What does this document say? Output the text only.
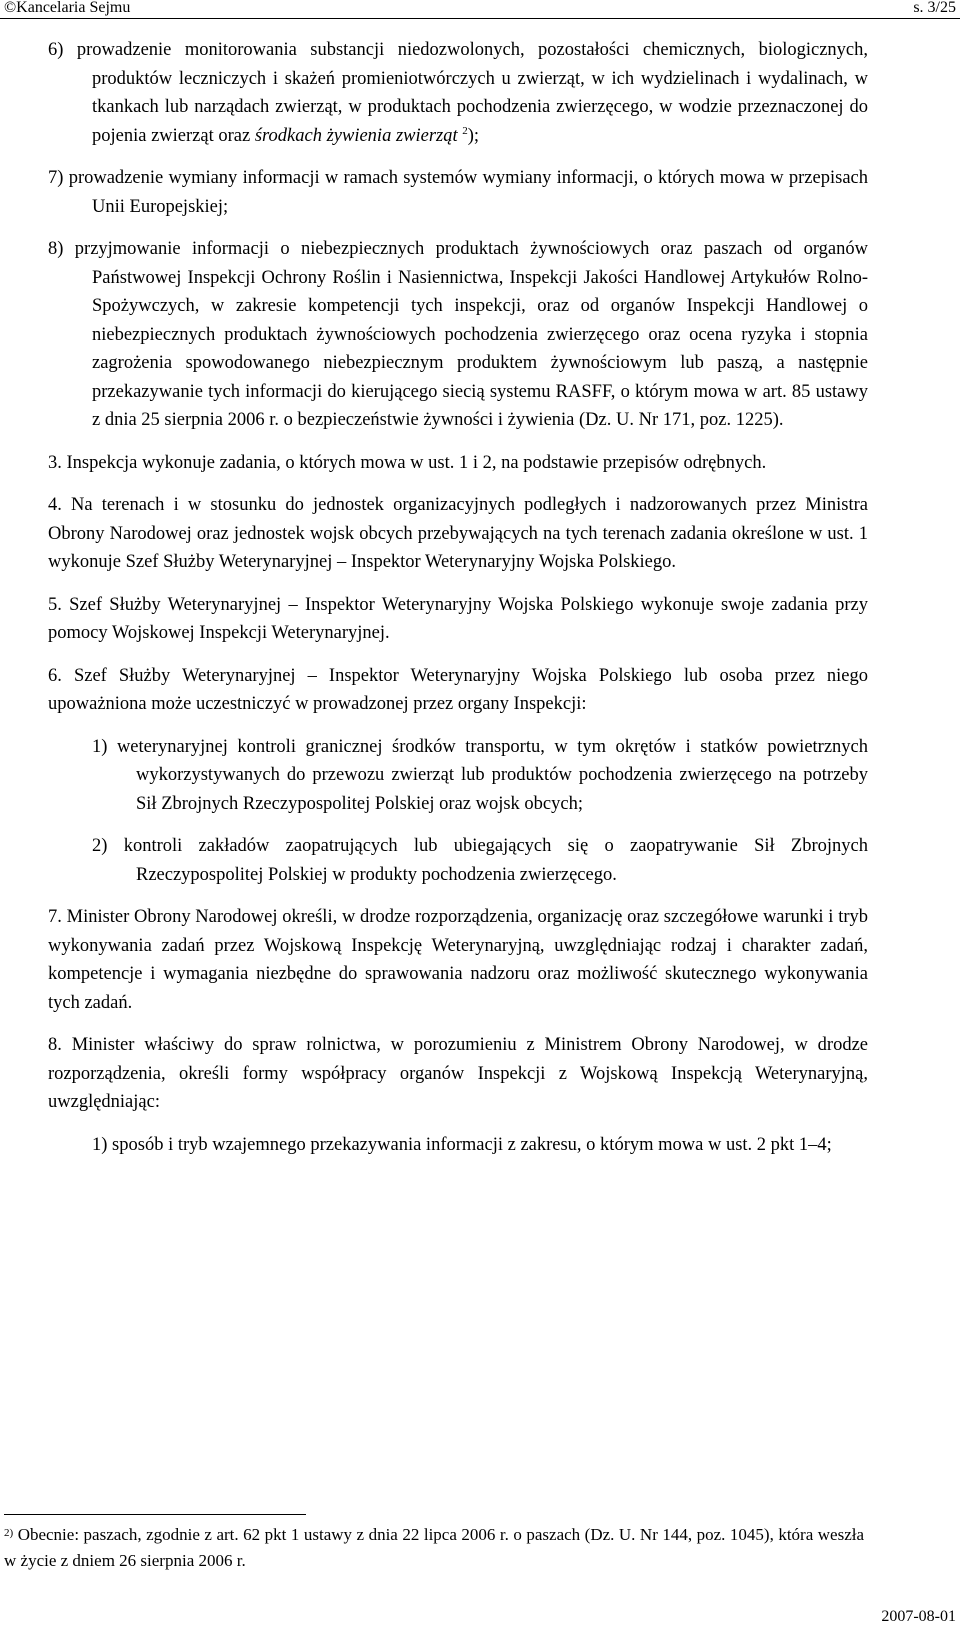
©Kancelaria Sejmu	s. 3/25

6) prowadzenie monitorowania substancji niedozwolonych, pozostałości chemicznych, biologicznych, produktów leczniczych i skażeń promieniotwórczych u zwierząt, w ich wydzielinach i wydalinach, w tkankach lub narządach zwierząt, w produktach pochodzenia zwierzęcego, w wodzie przeznaczonej do pojenia zwierząt oraz środkach żywienia zwierząt $^2$);

7) prowadzenie wymiany informacji w ramach systemów wymiany informacji, o których mowa w przepisach Unii Europejskiej;

8) przyjmowanie informacji o niebezpiecznych produktach żywnościowych oraz paszach od organów Państwowej Inspekcji Ochrony Roślin i Nasiennictwa, Inspekcji Jakości Handlowej Artykułów Rolno-Spożywczych, w zakresie kompetencji tych inspekcji, oraz od organów Inspekcji Handlowej o niebezpiecznych produktach żywnościowych pochodzenia zwierzęcego oraz ocena ryzyka i stopnia zagrożenia spowodowanego niebezpiecznym produktem żywnościowym lub paszą, a następnie przekazywanie tych informacji do kierującego siecią systemu RASFF, o którym mowa w art. 85 ustawy z dnia 25 sierpnia 2006 r. o bezpieczeństwie żywności i żywienia (Dz. U. Nr 171, poz. 1225).

3. Inspekcja wykonuje zadania, o których mowa w ust. 1 i 2, na podstawie przepisów odrębnych.

4. Na terenach i w stosunku do jednostek organizacyjnych podległych i nadzorowanych przez Ministra Obrony Narodowej oraz jednostek wojsk obcych przebywających na tych terenach zadania określone w ust. 1 wykonuje Szef Służby Weterynaryjnej – Inspektor Weterynaryjny Wojska Polskiego.

5. Szef Służby Weterynaryjnej – Inspektor Weterynaryjny Wojska Polskiego wykonuje swoje zadania przy pomocy Wojskowej Inspekcji Weterynaryjnej.

6. Szef Służby Weterynaryjnej – Inspektor Weterynaryjny Wojska Polskiego lub osoba przez niego upoważniona może uczestniczyć w prowadzonej przez organy Inspekcji:

1) weterynaryjnej kontroli granicznej środków transportu, w tym okrętów i statków powietrznych wykorzystywanych do przewozu zwierząt lub produktów pochodzenia zwierzęcego na potrzeby Sił Zbrojnych Rzeczypospolitej Polskiej oraz wojsk obcych;

2) kontroli zakładów zaopatrujących lub ubiegających się o zaopatrywanie Sił Zbrojnych Rzeczypospolitej Polskiej w produkty pochodzenia zwierzęcego.

7. Minister Obrony Narodowej określi, w drodze rozporządzenia, organizację oraz szczegółowe warunki i tryb wykonywania zadań przez Wojskową Inspekcję Weterynaryjną, uwzględniając rodzaj i charakter zadań, kompetencje i wymagania niezbędne do sprawowania nadzoru oraz możliwość skutecznego wykonywania tych zadań.

8. Minister właściwy do spraw rolnictwa, w porozumieniu z Ministrem Obrony Narodowej, w drodze rozporządzenia, określi formy współpracy organów Inspekcji z Wojskową Inspekcją Weterynaryjną, uwzględniając:

1) sposób i tryb wzajemnego przekazywania informacji z zakresu, o którym mowa w ust. 2 pkt 1–4;

$^{2)}$ Obecnie: paszach, zgodnie z art. 62 pkt 1 ustawy z dnia 22 lipca 2006 r. o paszach (Dz. U. Nr 144, poz. 1045), która weszła w życie z dniem 26 sierpnia 2006 r.
2007-08-01
